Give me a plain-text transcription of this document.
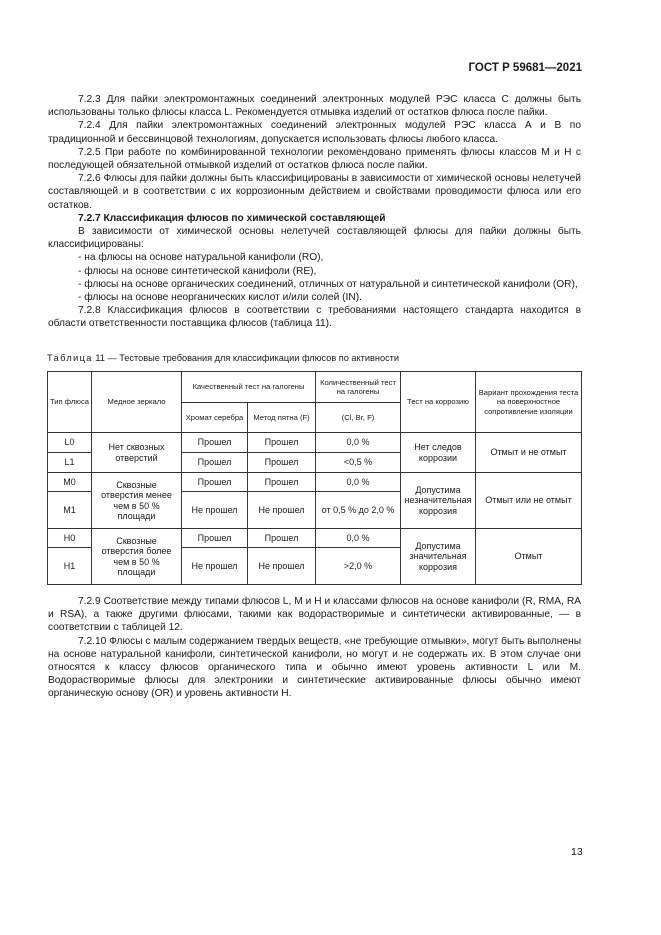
ГОСТ Р 59681—2021

7.2.3 Для пайки электромонтажных соединений электронных модулей РЭС класса С должны быть использованы только флюсы класса L. Рекомендуется отмывка изделий от остатков флюса после пайки.

7.2.4 Для пайки электромонтажных соединений электронных модулей РЭС класса А и В по традиционной и бессвинцовой технологиям, допускается использовать флюсы любого класса.

7.2.5 При работе по комбинированной технологии рекомендовано применять флюсы классов М и Н с последующей обязательной отмывкой изделий от остатков флюса после пайки.

7.2.6 Флюсы для пайки должны быть классифицированы в зависимости от химической основы нелетучей составляющей и в соответствии с их коррозионным действием и свойствами проводимости флюса или его остатков.

7.2.7 Классификация флюсов по химической составляющей

В зависимости от химической основы нелетучей составляющей флюсы для пайки должны быть классифицированы:

- на флюсы на основе натуральной канифоли (RO),

- флюсы на основе синтетической канифоли (RE),

- флюсы на основе органических соединений, отличных от натуральной и синтетической канифоли (OR),

- флюсы на основе неорганических кислот и/или солей (IN).

7.2.8 Классификация флюсов в соответствии с требованиями настоящего стандарта находится в области ответственности поставщика флюсов (таблица 11).

Таблица 11 — Тестовые требования для классификации флюсов по активности
Тип флюса	Медное зеркало	Качественный тест на галогены		Количественный тест на галогены	Тест на коррозию	Вариант прохождения теста на поверхностное сопротивление изоляции
		Хромат серебра	Метод пятна (F)	(Cl, Br, F)		
L0	Нет сквозных отверстий	Прошел	Прошел	0,0 %	Нет следов коррозии	Отмыт и не отмыт
L1		Прошел	Прошел	<0,5 %		
M0	Сквозные отверстия менее чем в 50 % площади	Прошел	Прошел	0,0 %	Допустима незначительная коррозия	Отмыт или не отмыт
M1		Не прошел	Не прошел	от 0,5 % до 2,0 %		
H0	Сквозные отверстия более чем в 50 % площади	Прошел	Прошел	0,0 %	Допустима значительная коррозия	Отмыт
H1		Не прошел	Не прошел	>2,0 %		

7.2.9 Соответствие между типами флюсов L, M и H и классами флюсов на основе канифоли (R, RMA, RA и RSA), а также другими флюсами, такими как водорастворимые и синтетически активированные, — в соответствии с таблицей 12.

7.2.10 Флюсы с малым содержанием твердых веществ, «не требующие отмывки», могут быть выполнены на основе натуральной канифоли, синтетической канифоли, но могут и не содержать их. В этом случае они относятся к классу флюсов органического типа и обычно имеют уровень активности L или M. Водорастворимые флюсы для электроники и синтетические активированные флюсы обычно имеют органическую основу (OR) и уровень активности H.

13
